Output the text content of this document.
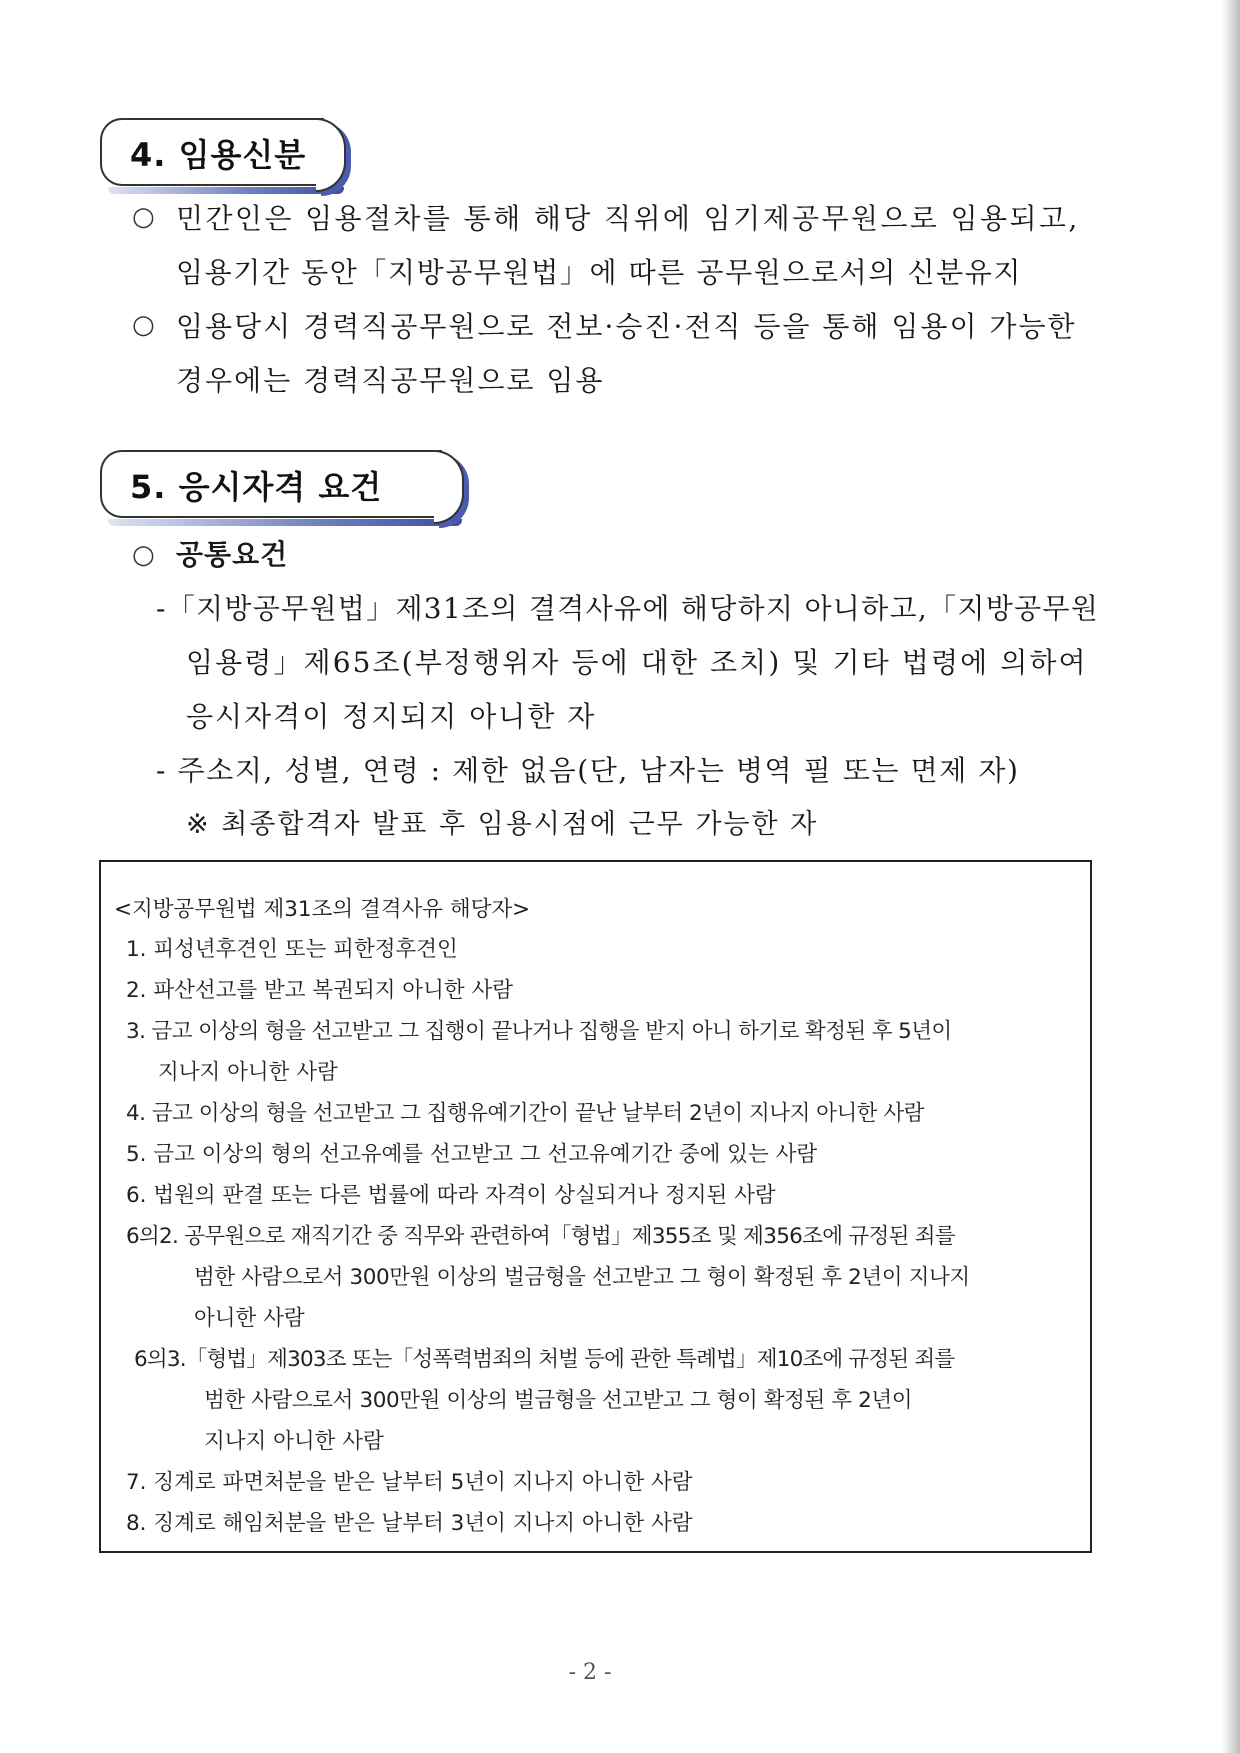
4. 임용신분
○ 민간인은 임용절차를 통해 해당 직위에 임기제공무원으로 임용되고,
임용기간 동안「지방공무원법」에 따른 공무원으로서의 신분유지
○ 임용당시 경력직공무원으로 전보·승진·전직 등을 통해 임용이 가능한
경우에는 경력직공무원으로 임용
5. 응시자격 요건
○ 공통요건
-「지방공무원법」제31조의 결격사유에 해당하지 아니하고,「지방공무원
임용령」제65조(부정행위자 등에 대한 조치) 및 기타 법령에 의하여
응시자격이 정지되지 아니한 자
- 주소지, 성별, 연령 : 제한 없음(단, 남자는 병역 필 또는 면제 자)
※ 최종합격자 발표 후 임용시점에 근무 가능한 자
<지방공무원법 제31조의 결격사유 해당자>
1. 피성년후견인 또는 피한정후견인
2. 파산선고를 받고 복권되지 아니한 사람
3. 금고 이상의 형을 선고받고 그 집행이 끝나거나 집행을 받지 아니 하기로 확정된 후 5년이
지나지 아니한 사람
4. 금고 이상의 형을 선고받고 그 집행유예기간이 끝난 날부터 2년이 지나지 아니한 사람
5. 금고 이상의 형의 선고유예를 선고받고 그 선고유예기간 중에 있는 사람
6. 법원의 판결 또는 다른 법률에 따라 자격이 상실되거나 정지된 사람
6의2. 공무원으로 재직기간 중 직무와 관련하여「형법」제355조 및 제356조에 규정된 죄를
범한 사람으로서 300만원 이상의 벌금형을 선고받고 그 형이 확정된 후 2년이 지나지
아니한 사람
6의3.「형법」제303조 또는「성폭력범죄의 처벌 등에 관한 특례법」제10조에 규정된 죄를
범한 사람으로서 300만원 이상의 벌금형을 선고받고 그 형이 확정된 후 2년이
지나지 아니한 사람
7. 징계로 파면처분을 받은 날부터 5년이 지나지 아니한 사람
8. 징계로 해임처분을 받은 날부터 3년이 지나지 아니한 사람
- 2 -
